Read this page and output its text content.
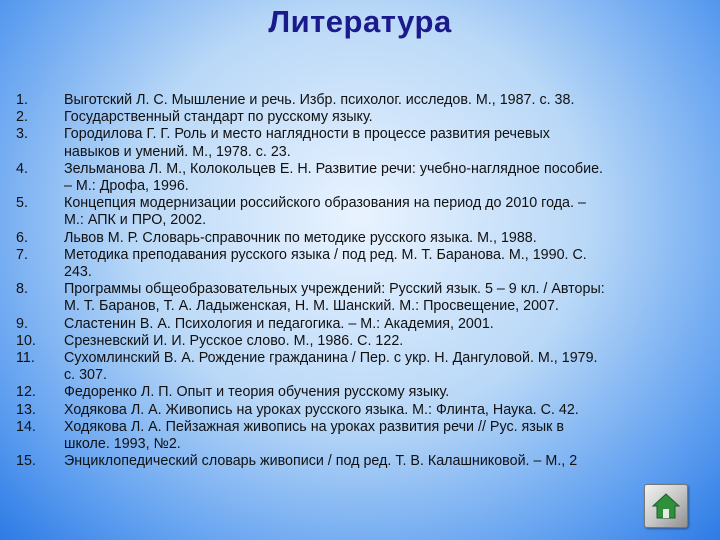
Литература
1.	Выготский Л. С. Мышление и речь. Избр. психолог. исследов. М., 1987. с. 38.
2.	Государственный стандарт по русскому языку.
3.	Городилова Г. Г. Роль и место наглядности в процессе развития речевых
навыков и умений. М., 1978. с. 23.
4.	Зельманова Л. М., Колокольцев Е. Н. Развитие речи: учебно-наглядное пособие.
– М.: Дрофа, 1996.
5.	Концепция модернизации российского образования на период до 2010 года. –
М.: АПК и ПРО, 2002.
6.	Львов М. Р. Словарь-справочник по методике русского языка. М., 1988.
7.	Методика преподавания русского языка / под ред. М. Т. Баранова. М., 1990. С.
243.
8.	Программы общеобразовательных учреждений: Русский язык. 5 – 9 кл. / Авторы:
М. Т. Баранов, Т. А. Ладыженская, Н. М. Шанский. М.: Просвещение, 2007.
9.	Сластенин В. А. Психология и педагогика. – М.: Академия, 2001.
10.	Срезневский И. И. Русское слово. М., 1986. С. 122.
11.	Сухомлинский В. А. Рождение гражданина / Пер. с укр. Н. Дангуловой. М., 1979.
с. 307.
12.	Федоренко Л. П. Опыт и теория обучения русскому языку.
13.	Ходякова Л. А. Живопись на уроках русского языка. М.: Флинта, Наука. С. 42.
14.	Ходякова Л. А. Пейзажная живопись на уроках развития речи // Рус. язык в
школе. 1993, №2.
15.	Энциклопедический словарь живописи / под ред. Т. В. Калашниковой. – М., 2
